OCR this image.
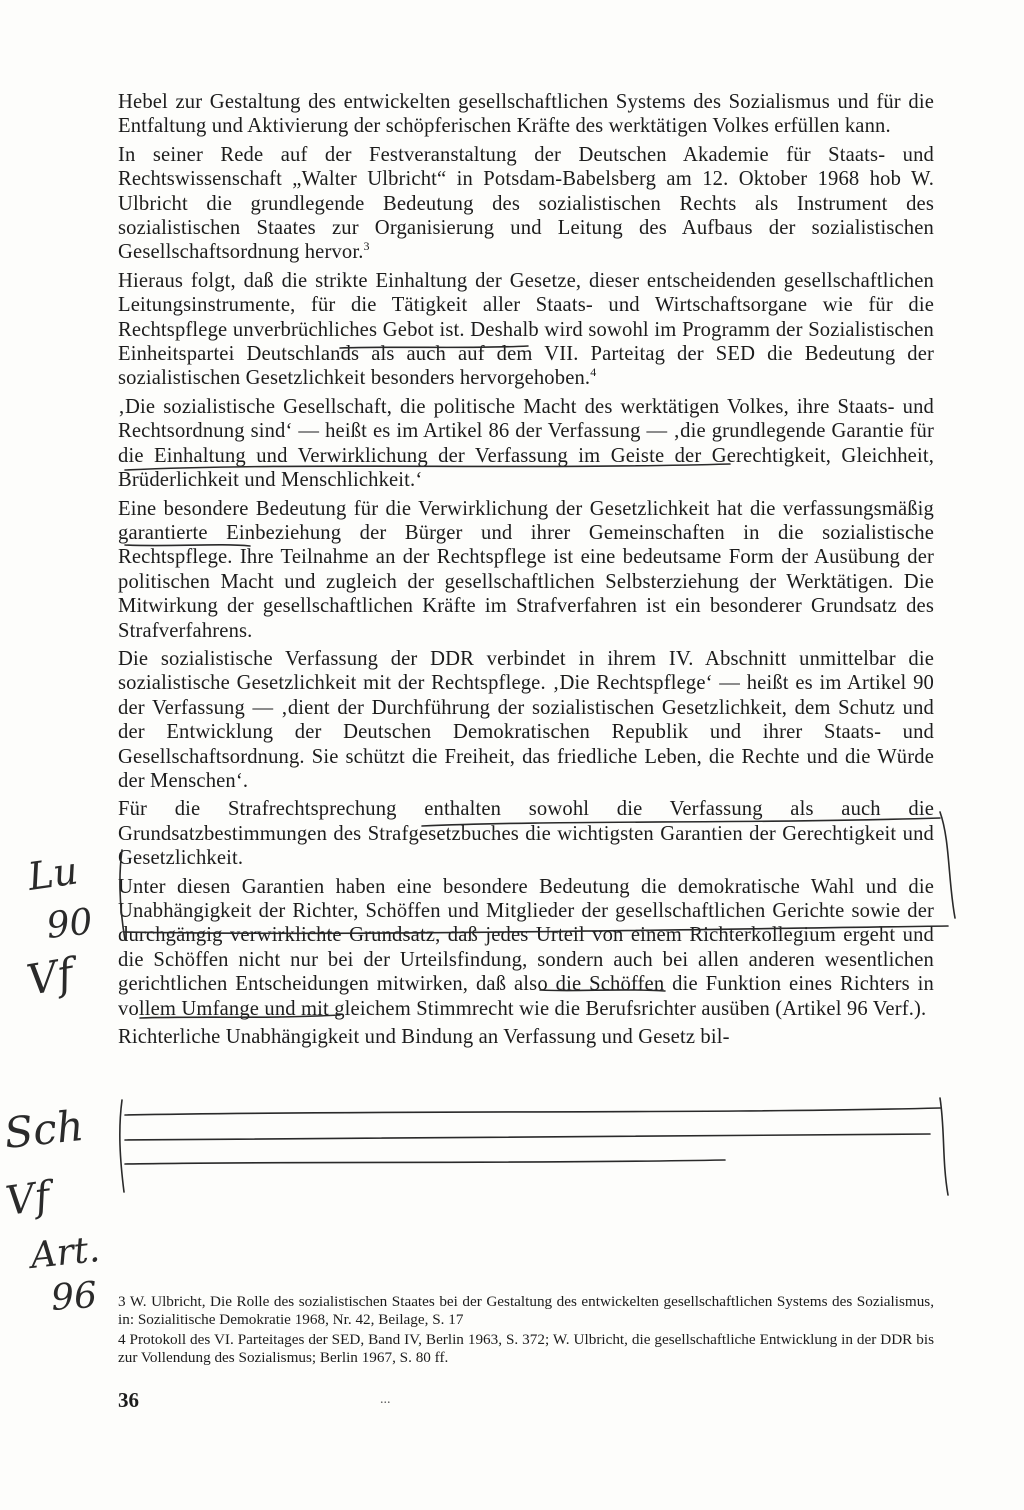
Hebel zur Gestaltung des entwickelten gesellschaftlichen Systems des Sozialismus und für die Entfaltung und Aktivierung der schöpferischen Kräfte des werktätigen Volkes erfüllen kann.

In seiner Rede auf der Festveranstaltung der Deutschen Akademie für Staats- und Rechtswissenschaft „Walter Ulbricht“ in Potsdam-Babelsberg am 12. Oktober 1968 hob W. Ulbricht die grundlegende Bedeutung des sozialistischen Rechts als Instrument des sozialistischen Staates zur Organisierung und Leitung des Aufbaus der sozialistischen Gesellschaftsordnung hervor.$^3$

Hieraus folgt, daß die strikte Einhaltung der Gesetze, dieser entscheidenden gesellschaftlichen Leitungsinstrumente, für die Tätigkeit aller Staats- und Wirtschaftsorgane wie für die Rechtspflege unverbrüchliches Gebot ist. Deshalb wird sowohl im Programm der Sozialistischen Einheitspartei Deutschlands als auch auf dem VII. Parteitag der SED die Bedeutung der sozialistischen Gesetzlichkeit besonders hervorgehoben.$^4$

‚Die sozialistische Gesellschaft, die politische Macht des werktätigen Volkes, ihre Staats- und Rechtsordnung sind‘ — heißt es im Artikel 86 der Verfassung — ‚die grundlegende Garantie für die Einhaltung und Verwirklichung der Verfassung im Geiste der Gerechtigkeit, Gleichheit, Brüderlichkeit und Menschlichkeit.‘

Eine besondere Bedeutung für die Verwirklichung der Gesetzlichkeit hat die verfassungsmäßig garantierte Einbeziehung der Bürger und ihrer Gemeinschaften in die sozialistische Rechtspflege. Ihre Teilnahme an der Rechtspflege ist eine bedeutsame Form der Ausübung der politischen Macht und zugleich der gesellschaftlichen Selbsterziehung der Werktätigen. Die Mitwirkung der gesellschaftlichen Kräfte im Strafverfahren ist ein besonderer Grundsatz des Strafverfahrens.

Die sozialistische Verfassung der DDR verbindet in ihrem IV. Abschnitt unmittelbar die sozialistische Gesetzlichkeit mit der Rechtspflege. ‚Die Rechtspflege‘ — heißt es im Artikel 90 der Verfassung — ‚dient der Durchführung der sozialistischen Gesetzlichkeit, dem Schutz und der Entwicklung der Deutschen Demokratischen Republik und ihrer Staats- und Gesellschaftsordnung. Sie schützt die Freiheit, das friedliche Leben, die Rechte und die Würde der Menschen‘.

Für die Strafrechtsprechung enthalten sowohl die Verfassung als auch die Grundsatzbestimmungen des Strafgesetzbuches die wichtigsten Garantien der Gerechtigkeit und Gesetzlichkeit.

Unter diesen Garantien haben eine besondere Bedeutung die demokratische Wahl und die Unabhängigkeit der Richter, Schöffen und Mitglieder der gesellschaftlichen Gerichte sowie der durchgängig verwirklichte Grundsatz, daß jedes Urteil von einem Richterkollegium ergeht und die Schöffen nicht nur bei der Urteilsfindung, sondern auch bei allen anderen wesentlichen gerichtlichen Entscheidungen mitwirken, daß also die Schöffen die Funktion eines Richters in vollem Umfange und mit gleichem Stimmrecht wie die Berufsrichter ausüben (Artikel 96 Verf.).

Richterliche Unabhängigkeit und Bindung an Verfassung und Gesetz bil-

3 W. Ulbricht, Die Rolle des sozialistischen Staates bei der Gestaltung des entwickelten gesellschaftlichen Systems des Sozialismus, in: Sozialitische Demokratie 1968, Nr. 42, Beilage, S. 17

4 Protokoll des VI. Parteitages der SED, Band IV, Berlin 1963, S. 372; W. Ulbricht, die gesellschaftliche Entwicklung in der DDR bis zur Vollendung des Sozialismus; Berlin 1967, S. 80 ff.

36	...
Lu
90
Vf
Sch
Vf
Art.
96
